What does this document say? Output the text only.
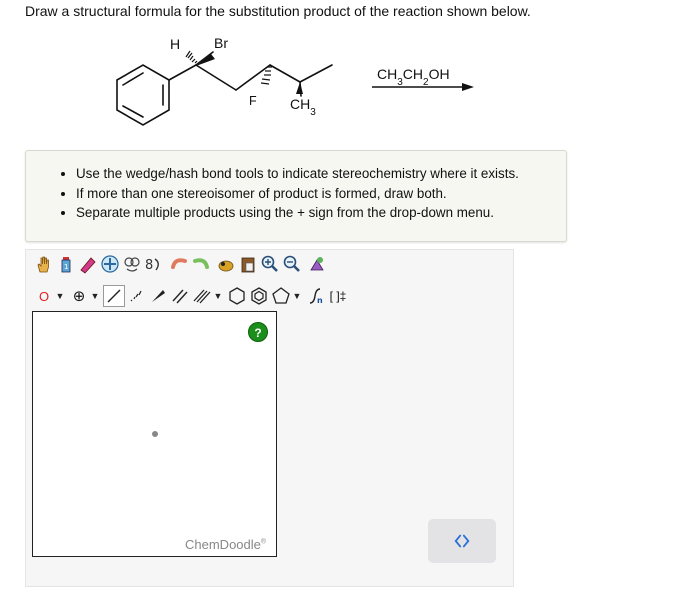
Draw a structural formula for the substitution product of the reaction shown below.
H Br
F $CH_3$
$CH_3CH_2OH$
• Use the wedge/hash bond tools to indicate stereochemistry where it exists.
• If more than one stereoisomer of product is formed, draw both.
• Separate multiple products using the + sign from the drop-down menu.
1	8
O ▼ ⊕ ▼	▼	▼ n [ ]‡
?
ChemDoodle®
